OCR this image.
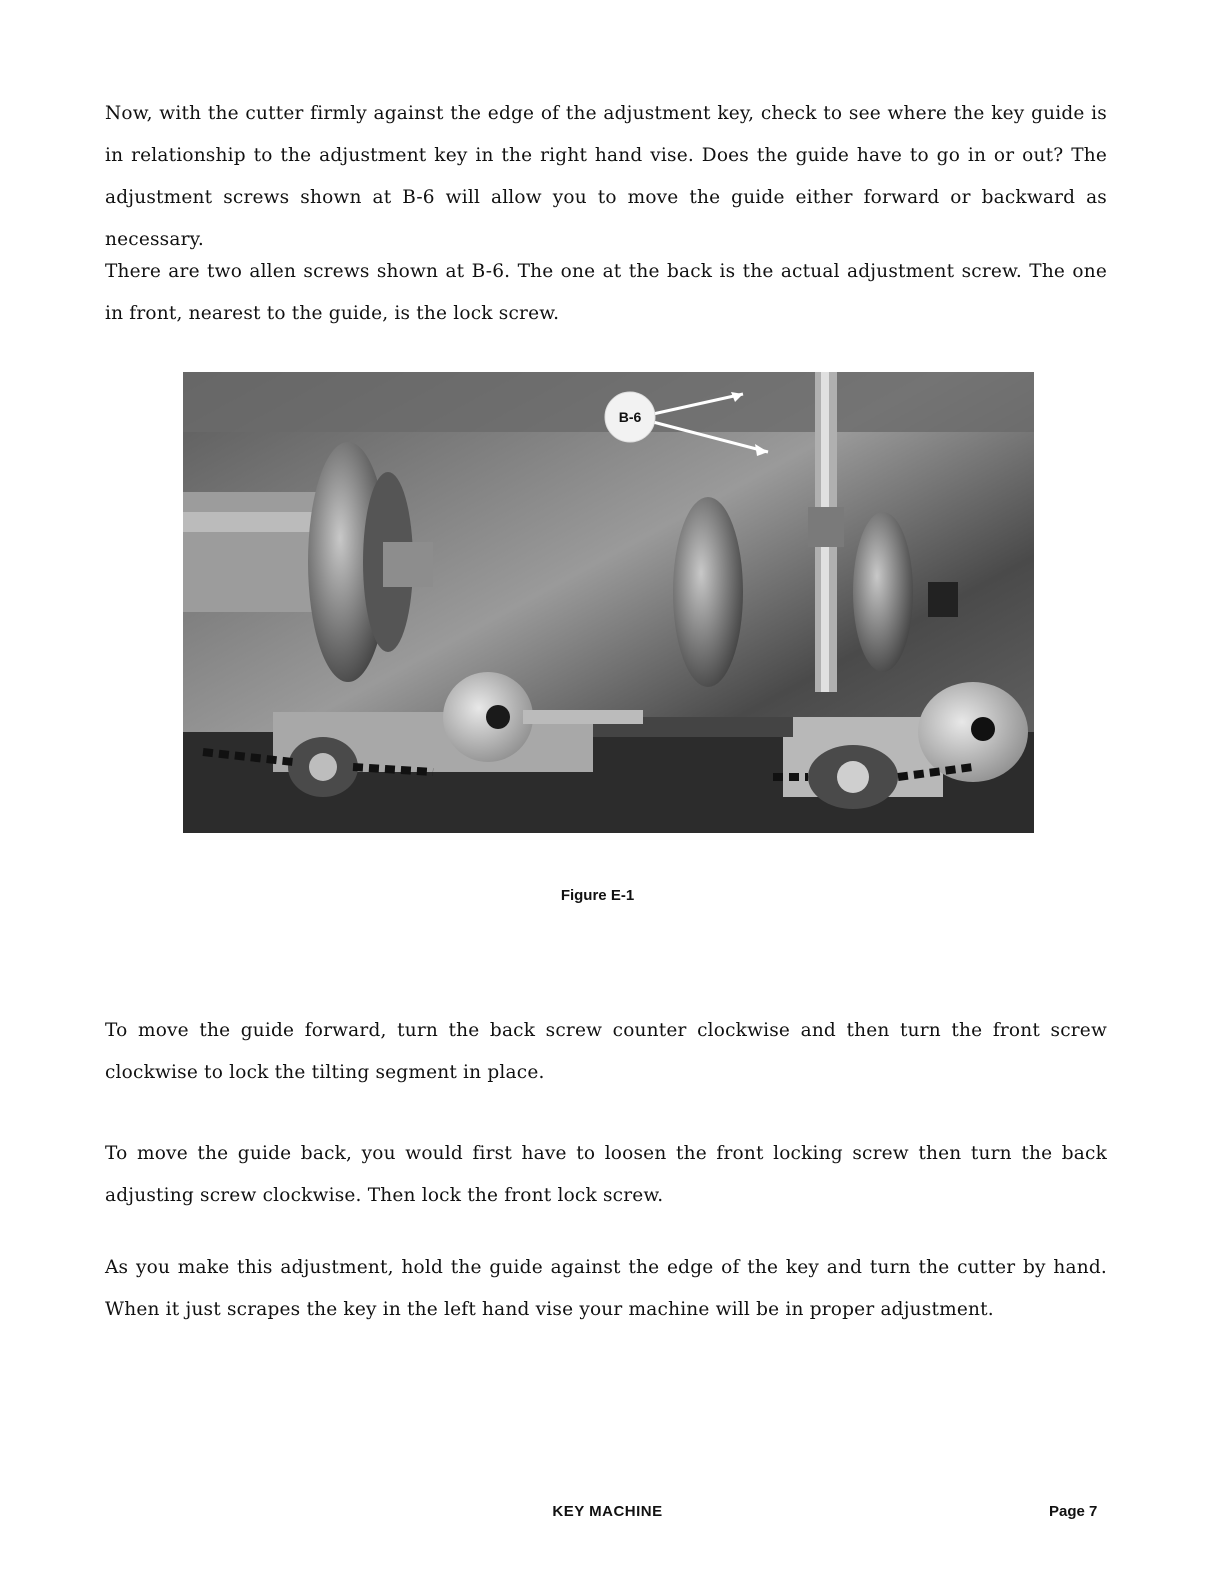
Now, with the cutter firmly against the edge of the adjustment key, check to see where the key guide is in relationship to the adjustment key in the right hand vise. Does the guide have to go in or out? The adjustment screws shown at B-6 will allow you to move the guide either forward or backward as necessary.

There are two allen screws shown at B-6. The one at the back is the actual adjustment screw. The one in front, nearest to the guide, is the lock screw.

B-6
Figure E-1

To move the guide forward, turn the back screw counter clockwise and then turn the front screw clockwise to lock the tilting segment in place.

To move the guide back, you would first have to loosen the front locking screw then turn the back adjusting screw clockwise. Then lock the front lock screw.

As you make this adjustment, hold the guide against the edge of the key and turn the cutter by hand. When it just scrapes the key in the left hand vise your machine will be in proper adjustment.

KEY MACHINE	Page 7
